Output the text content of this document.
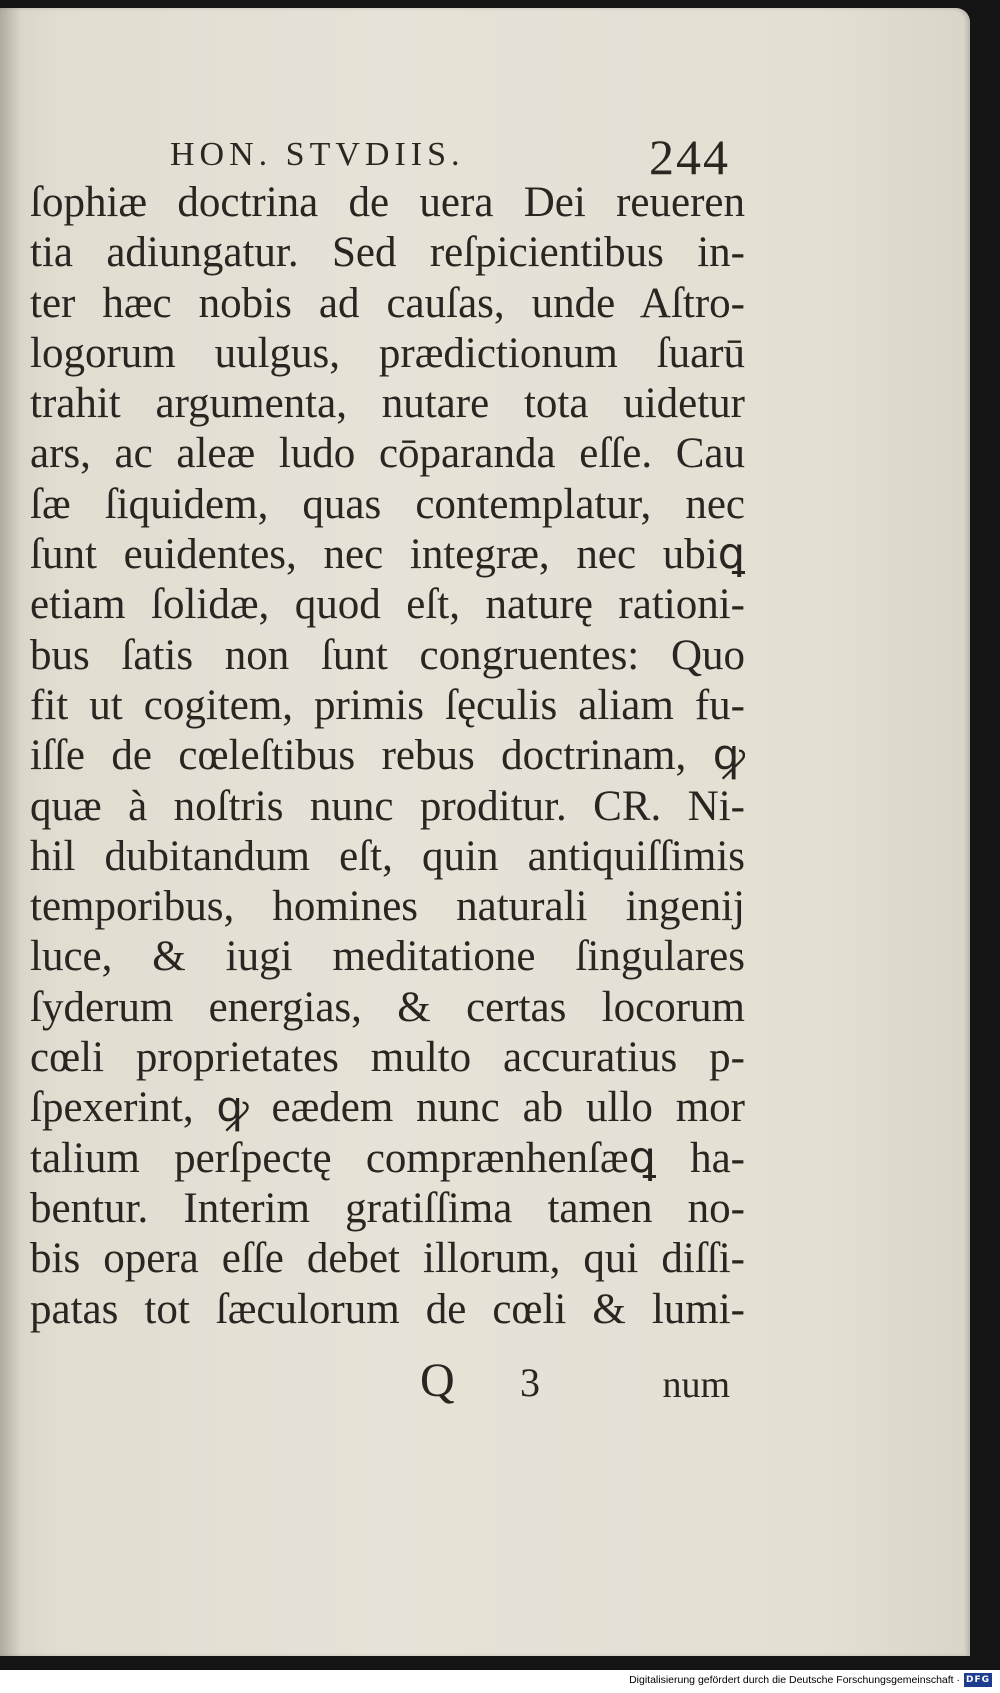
HON. STVDIIS.	244
ſophiæ doctrina de uera Dei reueren
tia adiungatur. Sed reſpicientibus in-
ter hæc nobis ad cauſas, unde Aſtro-
logorum uulgus, prædictionum ſuarū
trahit argumenta, nutare tota uidetur
ars, ac aleæ ludo cōparanda eſſe. Cau
ſæ ſiquidem, quas contemplatur, nec
ſunt euidentes, nec integræ, nec ubiꝗ
etiam ſolidæ, quod eſt, naturę rationi-
bus ſatis non ſunt congruentes: Quo
fit ut cogitem, primis ſęculis aliam fu-
iſſe de cœleſtibus rebus doctrinam, ꝙ
quæ à noſtris nunc proditur. CR. Ni-
hil dubitandum eſt, quin antiquiſſimis
temporibus, homines naturali ingenij
luce, & iugi meditatione ſingulares
ſyderum energias, & certas locorum
cœli proprietates multo accuratius p-
ſpexerint, ꝙ eædem nunc ab ullo mor
talium perſpectę comprænhenſæꝗ ha-
bentur. Interim gratiſſima tamen no-
bis opera eſſe debet illorum, qui diſſi-
patas tot ſæculorum de cœli & lumi-
Q 3	num
Digitalisierung gefördert durch die Deutsche Forschungsgemeinschaft · DFG
